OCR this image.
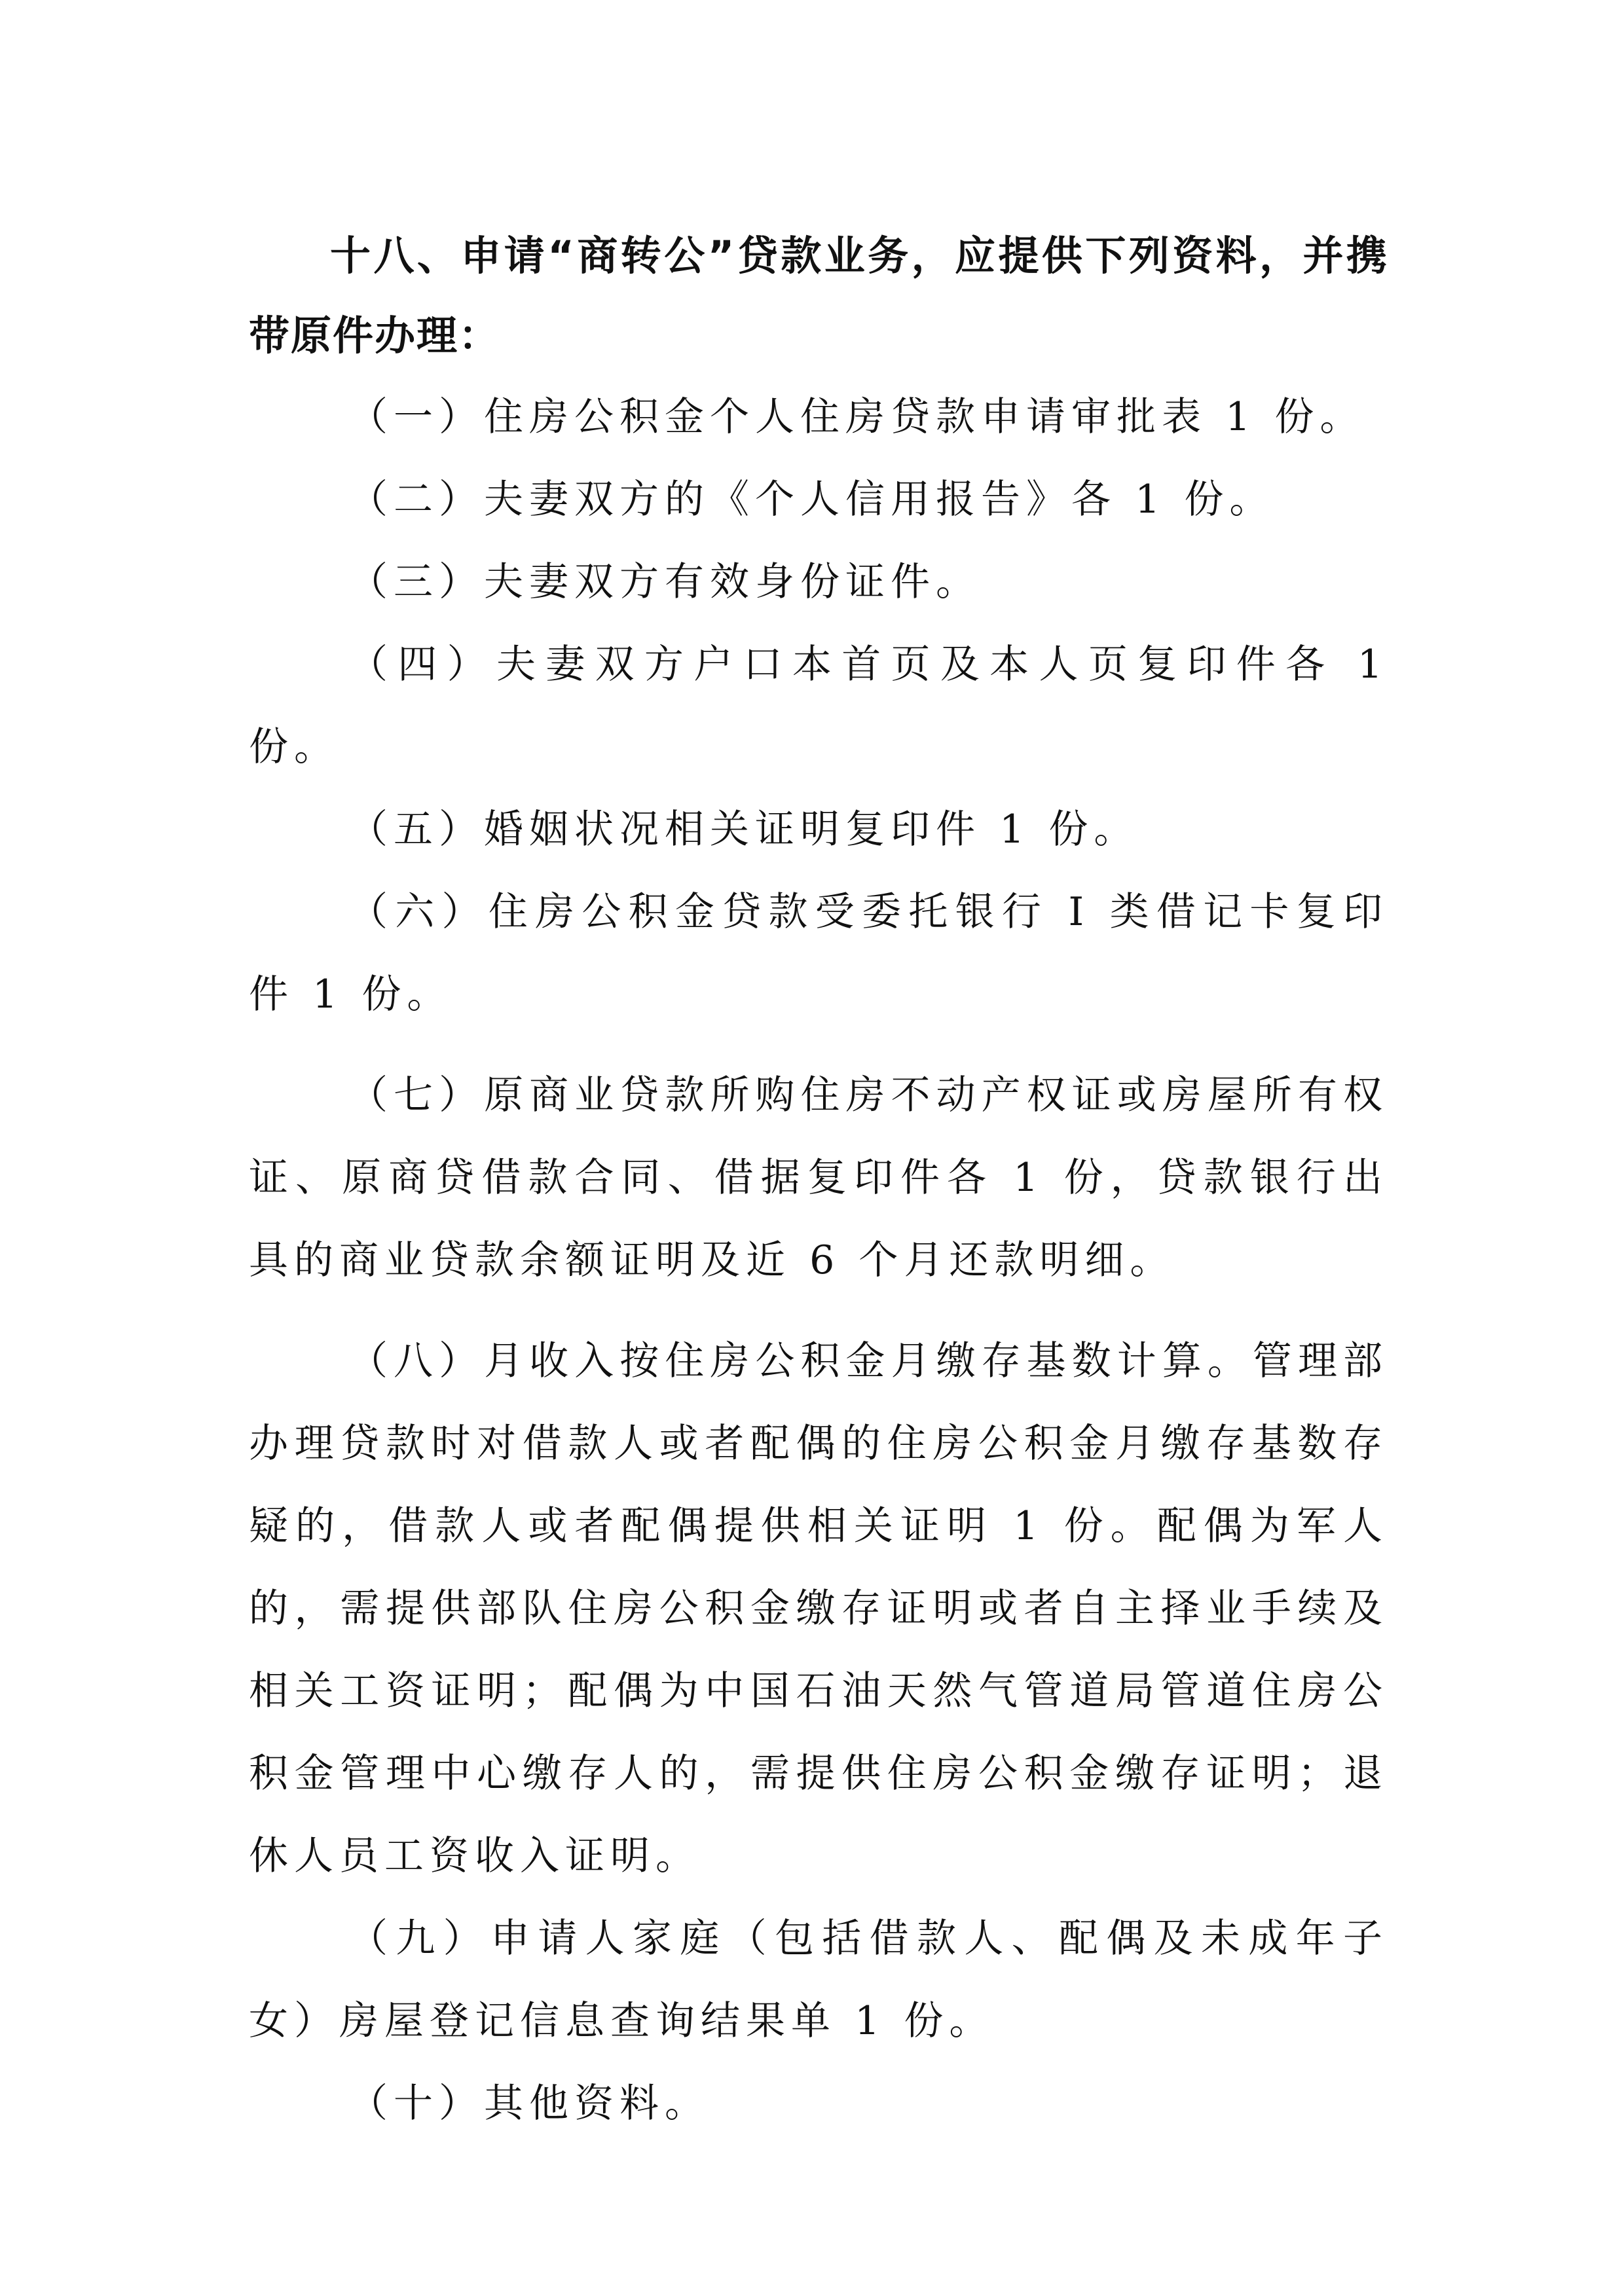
十八、申请“商转公”贷款业务，应提供下列资料，并携带原件办理：

（一）住房公积金个人住房贷款申请审批表 1 份。

（二）夫妻双方的《个人信用报告》各 1 份。

（三）夫妻双方有效身份证件。

（四）夫妻双方户口本首页及本人页复印件各 1 份。

（五）婚姻状况相关证明复印件 1 份。

（六）住房公积金贷款受委托银行 I 类借记卡复印件 1 份。

（七）原商业贷款所购住房不动产权证或房屋所有权证、原商贷借款合同、借据复印件各 1 份，贷款银行出具的商业贷款余额证明及近 6 个月还款明细。

（八）月收入按住房公积金月缴存基数计算。管理部办理贷款时对借款人或者配偶的住房公积金月缴存基数存疑的，借款人或者配偶提供相关证明 1 份。配偶为军人的，需提供部队住房公积金缴存证明或者自主择业手续及相关工资证明；配偶为中国石油天然气管道局管道住房公积金管理中心缴存人的，需提供住房公积金缴存证明；退休人员工资收入证明。

（九）申请人家庭（包括借款人、配偶及未成年子女）房屋登记信息查询结果单 1 份。

（十）其他资料。
